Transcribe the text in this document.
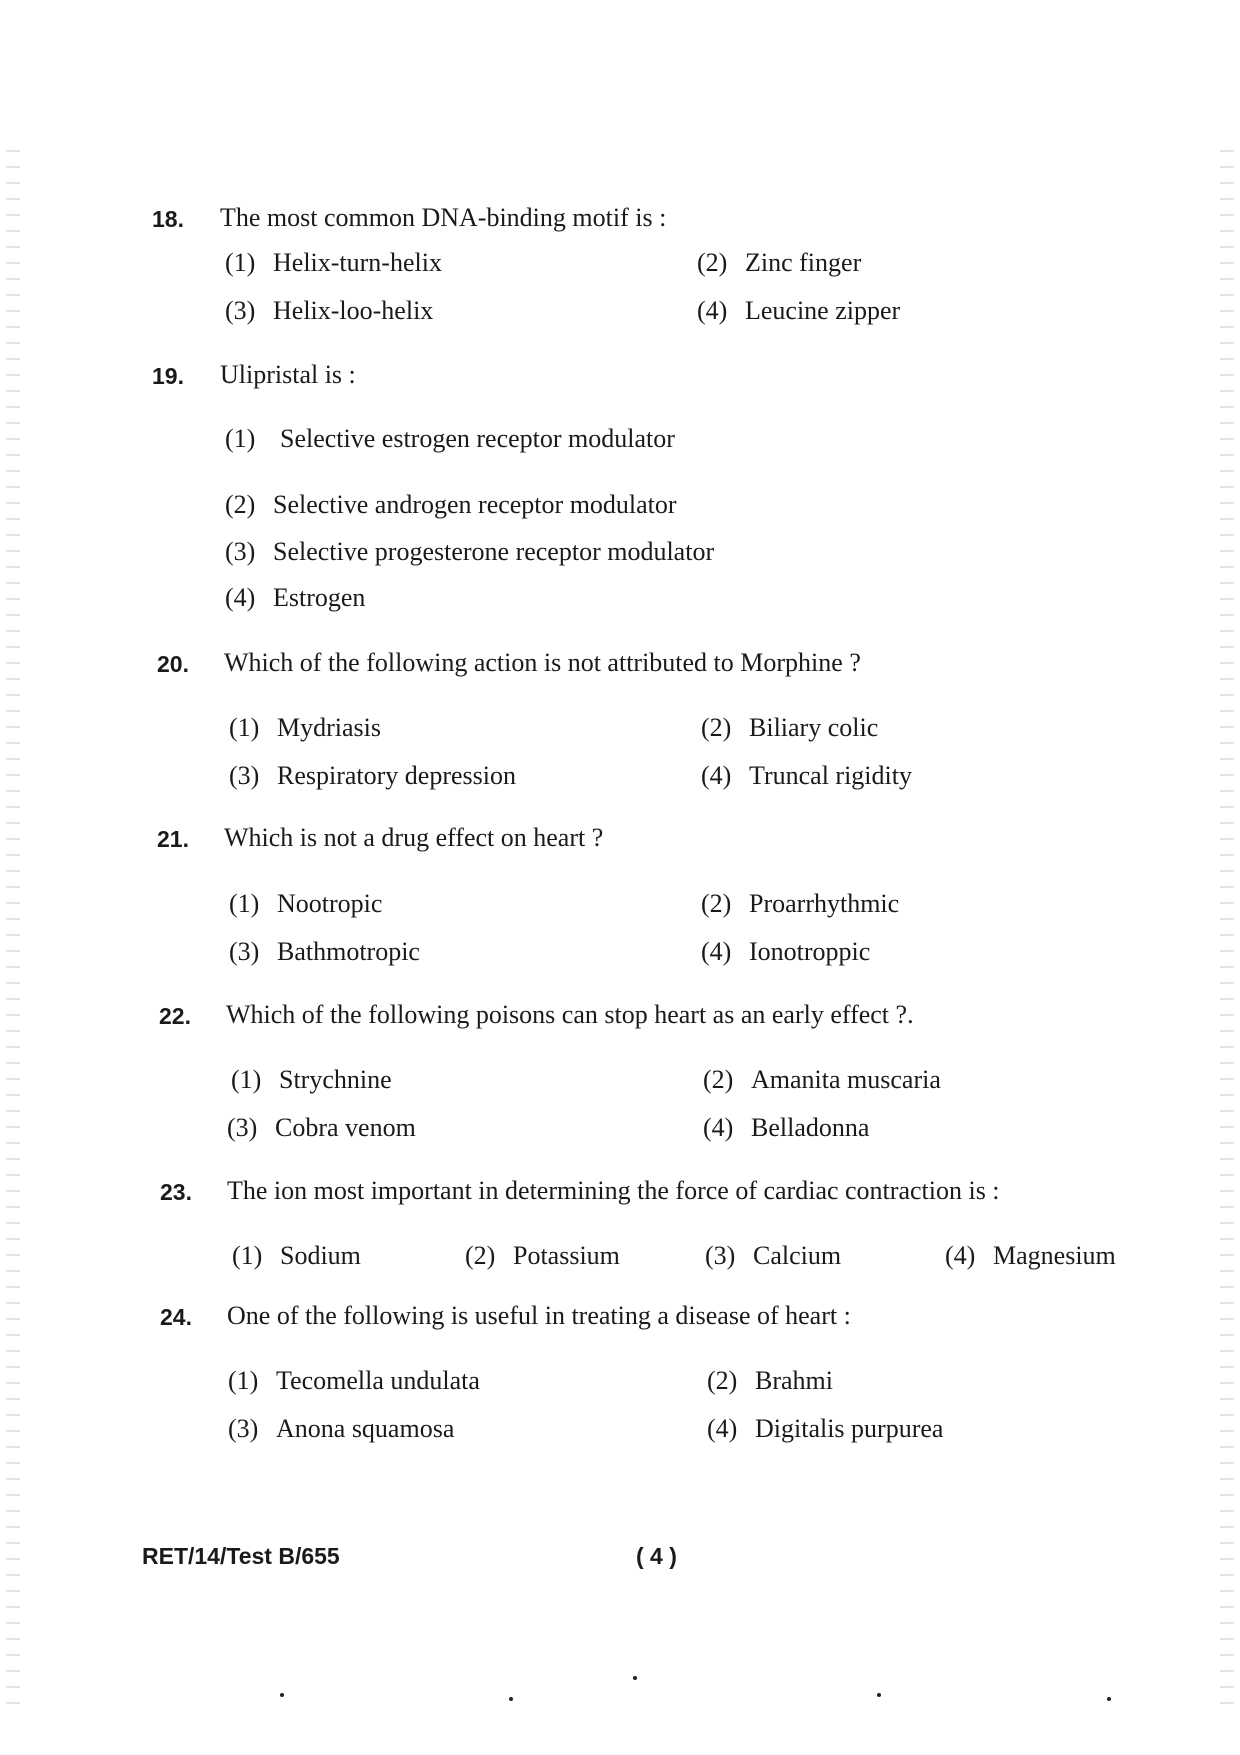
18.	The most common DNA-binding motif is :
(1) Helix-turn-helix	(2) Zinc finger
(3) Helix-loo-helix	(4) Leucine zipper
19.	Ulipristal is :
(1) Selective estrogen receptor modulator
(2) Selective androgen receptor modulator
(3) Selective progesterone receptor modulator
(4) Estrogen
20.	Which of the following action is not attributed to Morphine ?
(1) Mydriasis	(2) Biliary colic
(3) Respiratory depression	(4) Truncal rigidity
21.	Which is not a drug effect on heart ?
(1) Nootropic	(2) Proarrhythmic
(3) Bathmotropic	(4) Ionotroppic
22.	Which of the following poisons can stop heart as an early effect ?.
(1) Strychnine	(2) Amanita muscaria
(3) Cobra venom	(4) Belladonna
23.	The ion most important in determining the force of cardiac contraction is :
(1) Sodium	(2) Potassium	(3) Calcium	(4) Magnesium
24.	One of the following is useful in treating a disease of heart :
(1) Tecomella undulata	(2) Brahmi
(3) Anona squamosa	(4) Digitalis purpurea
RET/14/Test B/655	( 4 )
